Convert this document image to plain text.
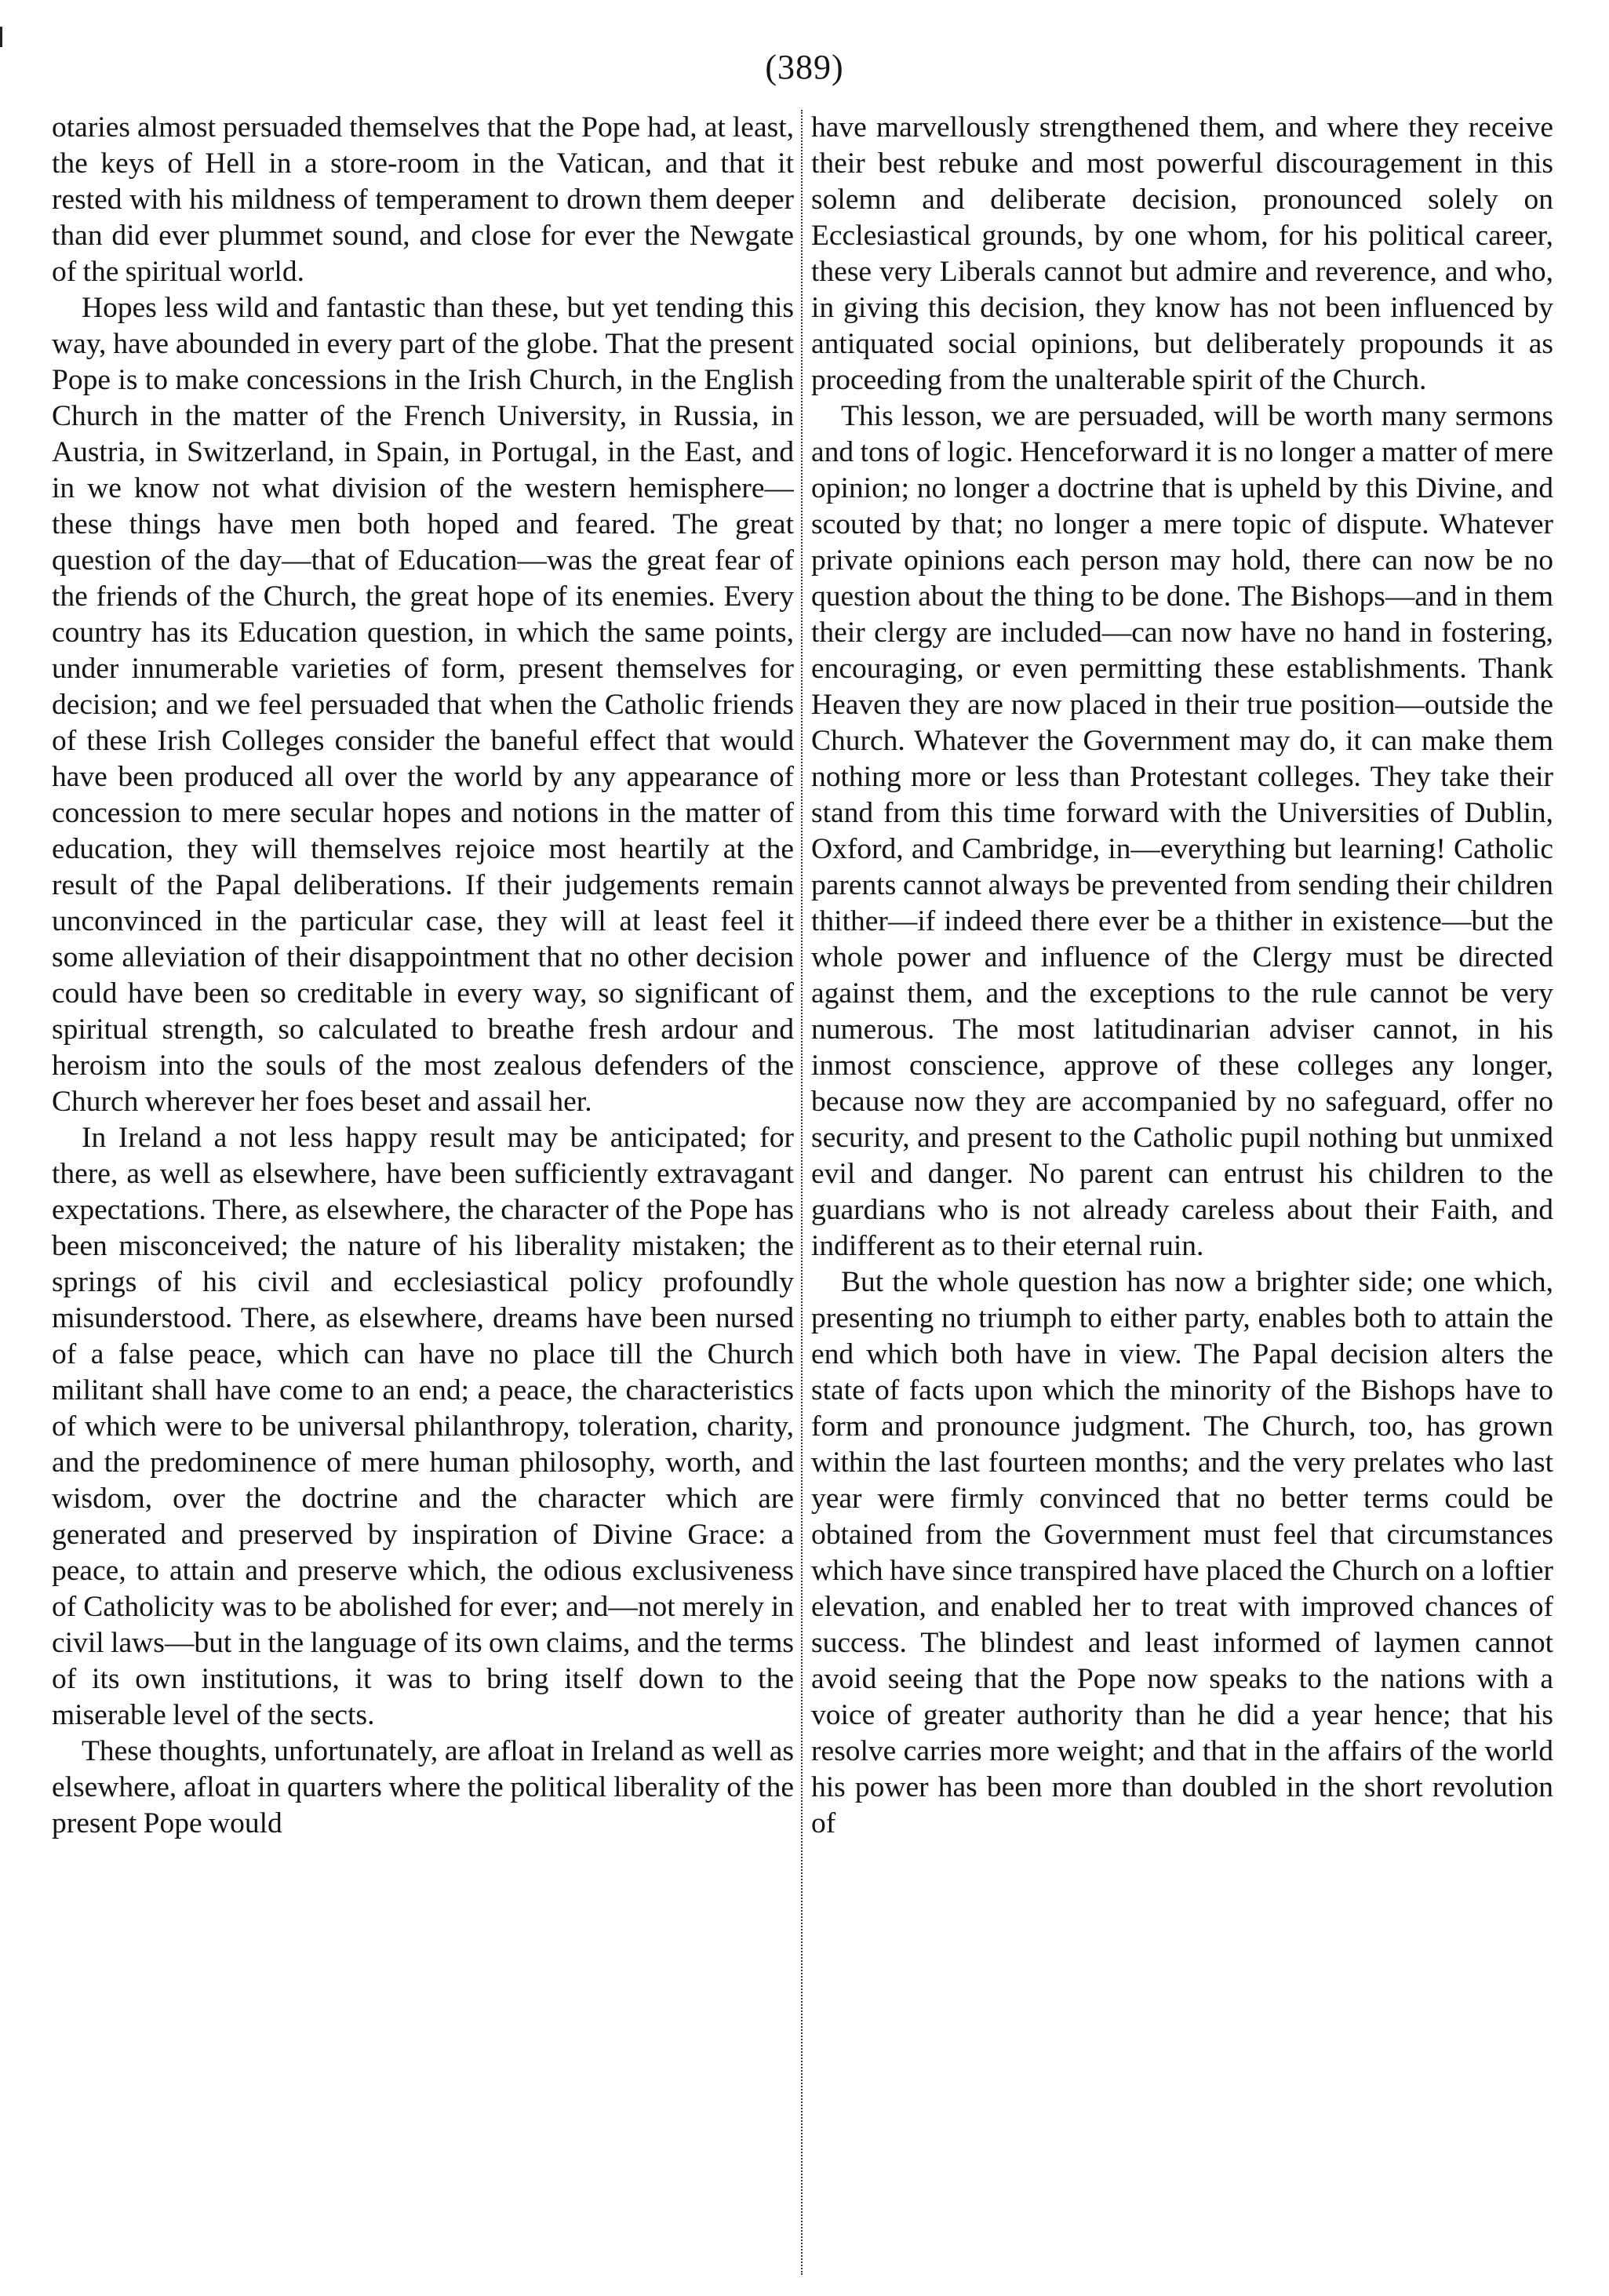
(389)

otaries almost persuaded themselves that the Pope had, at least, the keys of Hell in a store-room in the Vatican, and that it rested with his mildness of temperament to drown them deeper than did ever plummet sound, and close for ever the Newgate of the spiritual world.

Hopes less wild and fantastic than these, but yet tending this way, have abounded in every part of the globe. That the present Pope is to make concessions in the Irish Church, in the English Church in the matter of the French University, in Russia, in Austria, in Switzerland, in Spain, in Portugal, in the East, and in we know not what division of the western hemisphere—these things have men both hoped and feared. The great question of the day—that of Education—was the great fear of the friends of the Church, the great hope of its enemies. Every country has its Education question, in which the same points, under innumerable varieties of form, present themselves for decision; and we feel persuaded that when the Catholic friends of these Irish Colleges consider the baneful effect that would have been produced all over the world by any appearance of concession to mere secular hopes and notions in the matter of education, they will themselves rejoice most heartily at the result of the Papal deliberations. If their judgements remain unconvinced in the particular case, they will at least feel it some alleviation of their disappointment that no other decision could have been so creditable in every way, so significant of spiritual strength, so calculated to breathe fresh ardour and heroism into the souls of the most zealous defenders of the Church wherever her foes beset and assail her.

In Ireland a not less happy result may be anticipated; for there, as well as elsewhere, have been sufficiently extravagant expectations. There, as elsewhere, the character of the Pope has been misconceived; the nature of his liberality mistaken; the springs of his civil and ecclesiastical policy profoundly misunderstood. There, as elsewhere, dreams have been nursed of a false peace, which can have no place till the Church militant shall have come to an end; a peace, the characteristics of which were to be universal philanthropy, toleration, charity, and the predominence of mere human philosophy, worth, and wisdom, over the doctrine and the character which are generated and preserved by inspiration of Divine Grace: a peace, to attain and preserve which, the odious exclusiveness of Catholicity was to be abolished for ever; and—not merely in civil laws—but in the language of its own claims, and the terms of its own institutions, it was to bring itself down to the miserable level of the sects.

These thoughts, unfortunately, are afloat in Ireland as well as elsewhere, afloat in quarters where the political liberality of the present Pope would

have marvellously strengthened them, and where they receive their best rebuke and most powerful discouragement in this solemn and deliberate decision, pronounced solely on Ecclesiastical grounds, by one whom, for his political career, these very Liberals cannot but admire and reverence, and who, in giving this decision, they know has not been influenced by antiquated social opinions, but deliberately propounds it as proceeding from the unalterable spirit of the Church.

This lesson, we are persuaded, will be worth many sermons and tons of logic. Henceforward it is no longer a matter of mere opinion; no longer a doctrine that is upheld by this Divine, and scouted by that; no longer a mere topic of dispute. Whatever private opinions each person may hold, there can now be no question about the thing to be done. The Bishops—and in them their clergy are included—can now have no hand in fostering, encouraging, or even permitting these establishments. Thank Heaven they are now placed in their true position—outside the Church. Whatever the Government may do, it can make them nothing more or less than Protestant colleges. They take their stand from this time forward with the Universities of Dublin, Oxford, and Cambridge, in—everything but learning! Catholic parents cannot always be prevented from sending their children thither—if indeed there ever be a thither in existence—but the whole power and influence of the Clergy must be directed against them, and the exceptions to the rule cannot be very numerous. The most latitudinarian adviser cannot, in his inmost conscience, approve of these colleges any longer, because now they are accompanied by no safeguard, offer no security, and present to the Catholic pupil nothing but unmixed evil and danger. No parent can entrust his children to the guardians who is not already careless about their Faith, and indifferent as to their eternal ruin.

But the whole question has now a brighter side; one which, presenting no triumph to either party, enables both to attain the end which both have in view. The Papal decision alters the state of facts upon which the minority of the Bishops have to form and pronounce judgment. The Church, too, has grown within the last fourteen months; and the very prelates who last year were firmly convinced that no better terms could be obtained from the Government must feel that circumstances which have since transpired have placed the Church on a loftier elevation, and enabled her to treat with improved chances of success. The blindest and least informed of laymen cannot avoid seeing that the Pope now speaks to the nations with a voice of greater authority than he did a year hence; that his resolve carries more weight; and that in the affairs of the world his power has been more than doubled in the short revolution of
